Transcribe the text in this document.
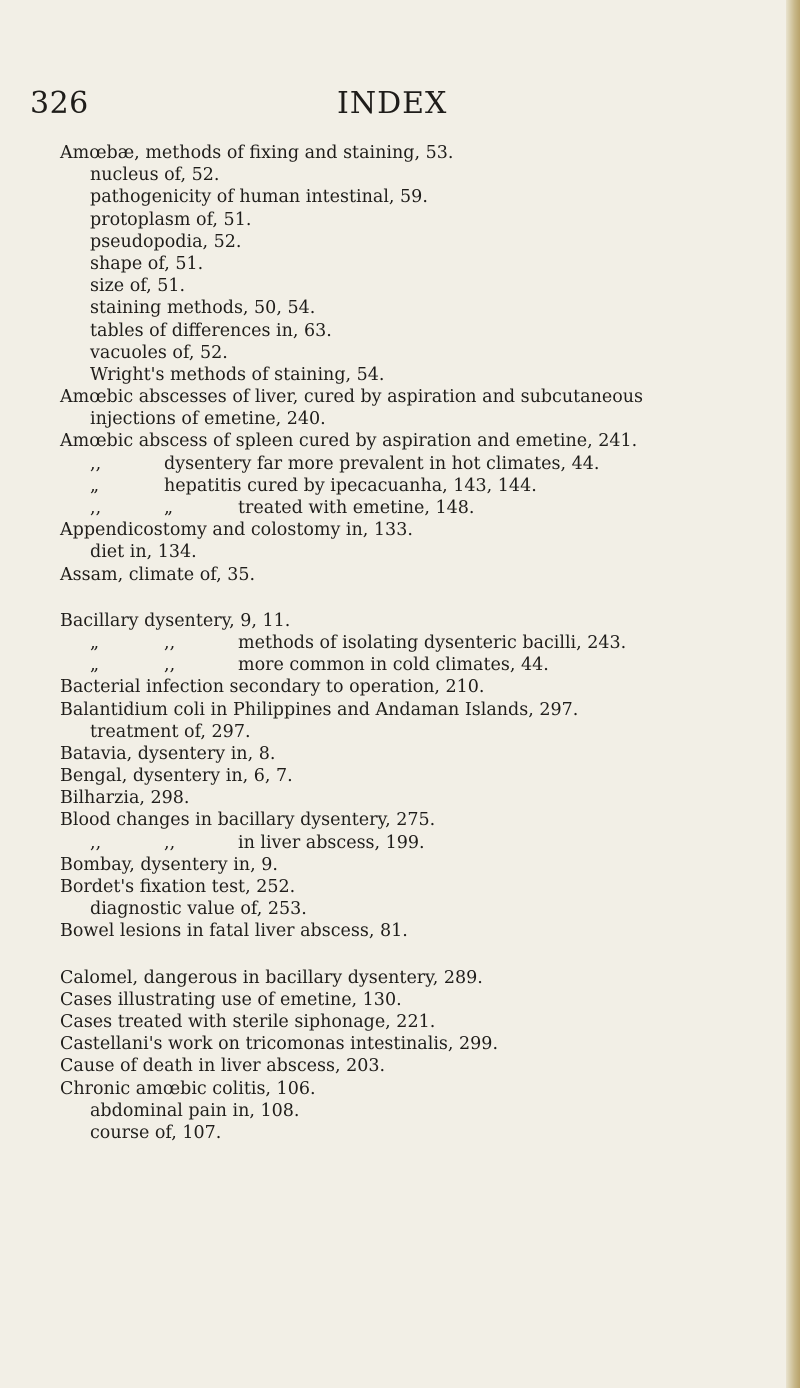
326	INDEX
Amœbæ, methods of fixing and staining, 53.
nucleus of, 52.
pathogenicity of human intestinal, 59.
protoplasm of, 51.
pseudopodia, 52.
shape of, 51.
size of, 51.
staining methods, 50, 54.
tables of differences in, 63.
vacuoles of, 52.
Wright's methods of staining, 54.
Amœbic abscesses of liver, cured by aspiration and subcutaneous
injections of emetine, 240.
Amœbic abscess of spleen cured by aspiration and emetine, 241.
,,	dysentery far more prevalent in hot climates, 44.
„	hepatitis cured by ipecacuanha, 143, 144.
,,	„	treated with emetine, 148.
Appendicostomy and colostomy in, 133.
diet in, 134.
Assam, climate of, 35.
Bacillary dysentery, 9, 11.
„	,,	methods of isolating dysenteric bacilli, 243.
„	,,	more common in cold climates, 44.
Bacterial infection secondary to operation, 210.
Balantidium coli in Philippines and Andaman Islands, 297.
treatment of, 297.
Batavia, dysentery in, 8.
Bengal, dysentery in, 6, 7.
Bilharzia, 298.
Blood changes in bacillary dysentery, 275.
,,	,,	in liver abscess, 199.
Bombay, dysentery in, 9.
Bordet's fixation test, 252.
diagnostic value of, 253.
Bowel lesions in fatal liver abscess, 81.
Calomel, dangerous in bacillary dysentery, 289.
Cases illustrating use of emetine, 130.
Cases treated with sterile siphonage, 221.
Castellani's work on tricomonas intestinalis, 299.
Cause of death in liver abscess, 203.
Chronic amœbic colitis, 106.
abdominal pain in, 108.
course of, 107.
